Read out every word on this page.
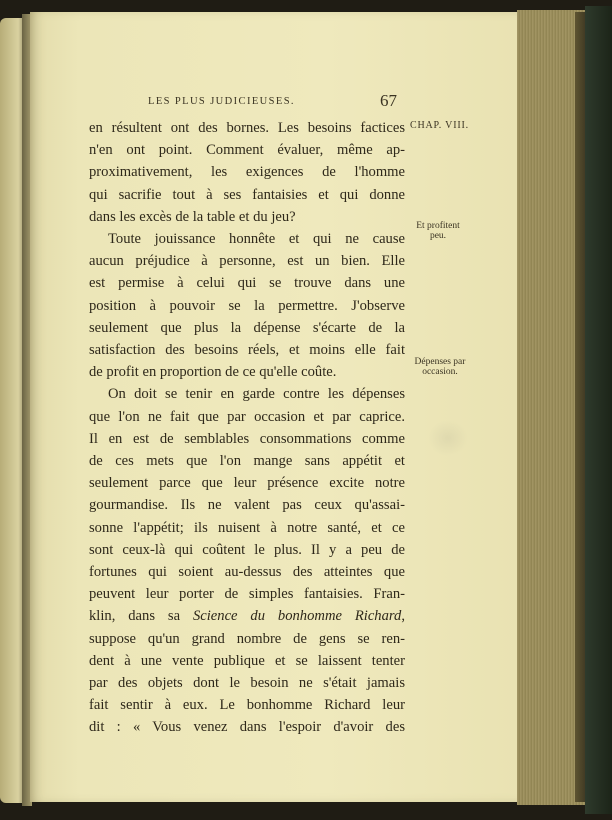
LES PLUS JUDICIEUSES.	67
CHAP. VIII.
Et profitent
peu.
Dépenses par
occasion.
en résultent ont des bornes. Les besoins factices
n'en ont point. Comment évaluer, même ap-
proximativement, les exigences de l'homme
qui sacrifie tout à ses fantaisies et qui donne
dans les excès de la table et du jeu?
Toute jouissance honnête et qui ne cause
aucun préjudice à personne, est un bien. Elle
est permise à celui qui se trouve dans une
position à pouvoir se la permettre. J'observe
seulement que plus la dépense s'écarte de la
satisfaction des besoins réels, et moins elle fait
de profit en proportion de ce qu'elle coûte.
On doit se tenir en garde contre les dépenses
que l'on ne fait que par occasion et par caprice.
Il en est de semblables consommations comme
de ces mets que l'on mange sans appétit et
seulement parce que leur présence excite notre
gourmandise. Ils ne valent pas ceux qu'assai-
sonne l'appétit; ils nuisent à notre santé, et ce
sont ceux-là qui coûtent le plus. Il y a peu de
fortunes qui soient au-dessus des atteintes que
peuvent leur porter de simples fantaisies. Fran-
klin, dans sa Science du bonhomme Richard,
suppose qu'un grand nombre de gens se ren-
dent à une vente publique et se laissent tenter
par des objets dont le besoin ne s'était jamais
fait sentir à eux. Le bonhomme Richard leur
dit : « Vous venez dans l'espoir d'avoir des
